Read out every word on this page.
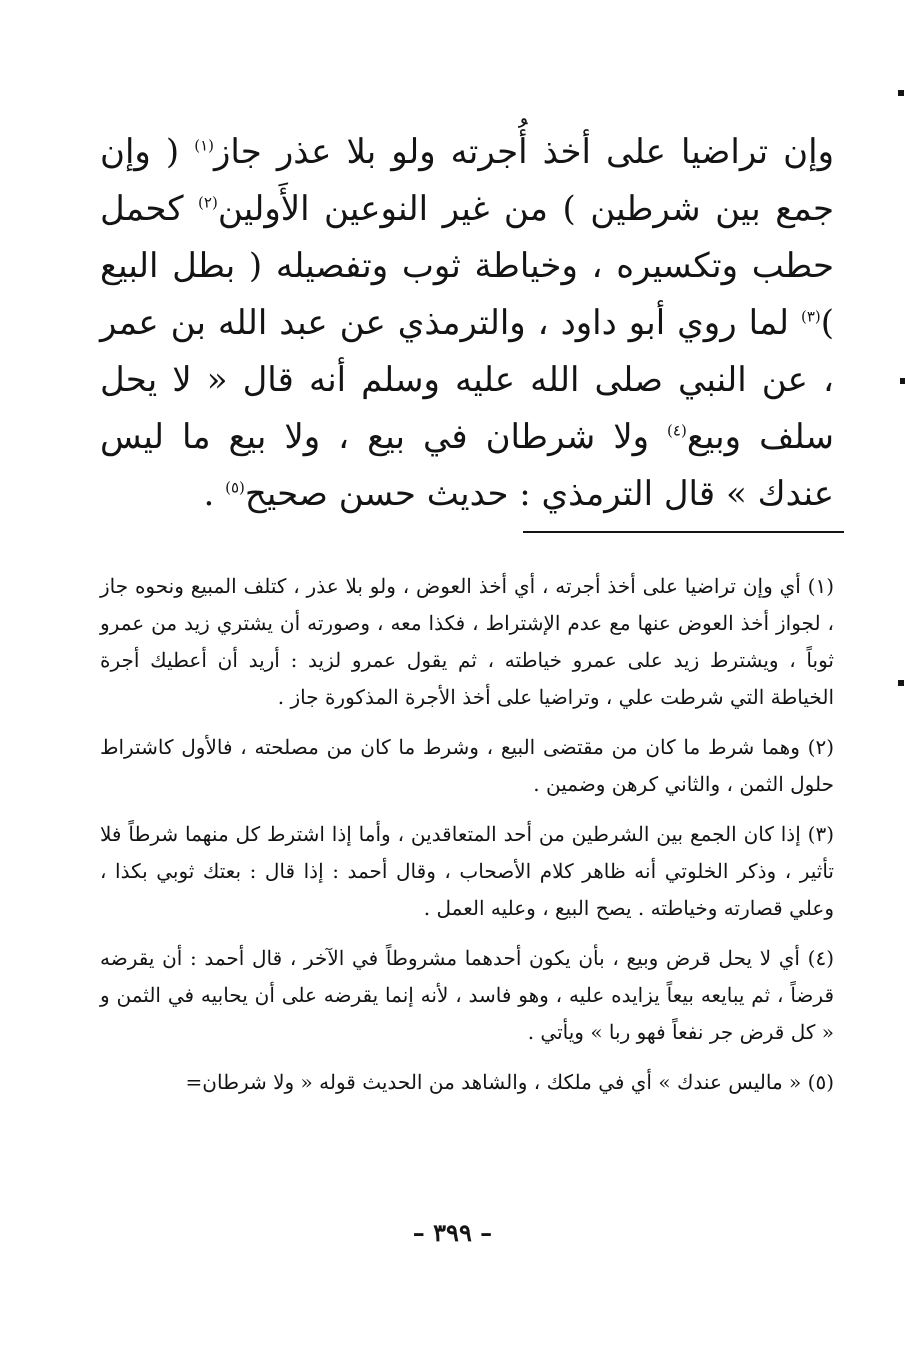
وإن تراضيا على أخذ أُجرته ولو بلا عذر جاز$^{(١)}$ ( وإن جمع بين شرطين ) من غير النوعين الأَولين$^{(٢)}$ كحمل حطب وتكسيره ، وخياطة ثوب وتفصيله ( بطل البيع )$^{(٣)}$ لما روي أبو داود ، والترمذي عن عبد الله بن عمر ، عن النبي صلى الله عليه وسلم أنه قال « لا يحل سلف وبيع$^{(٤)}$ ولا شرطان في بيع ، ولا بيع ما ليس عندك » قال الترمذي : حديث حسن صحيح$^{(٥)}$ .

(١) أي وإن تراضيا على أخذ أجرته ، أي أخذ العوض ، ولو بلا عذر ، كتلف المبيع ونحوه جاز ، لجواز أخذ العوض عنها مع عدم الإشتراط ، فكذا معه ، وصورته أن يشتري زيد من عمرو ثوباً ، ويشترط زيد على عمرو خياطته ، ثم يقول عمرو لزيد : أريد أن أعطيك أجرة الخياطة التي شرطت علي ، وتراضيا على أخذ الأجرة المذكورة جاز .

(٢) وهما شرط ما كان من مقتضى البيع ، وشرط ما كان من مصلحته ، فالأول كاشتراط حلول الثمن ، والثاني كرهن وضمين .

(٣) إذا كان الجمع بين الشرطين من أحد المتعاقدين ، وأما إذا اشترط كل منهما شرطاً فلا تأثير ، وذكر الخلوتي أنه ظاهر كلام الأصحاب ، وقال أحمد : إذا قال : بعتك ثوبي بكذا ، وعلي قصارته وخياطته . يصح البيع ، وعليه العمل .

(٤) أي لا يحل قرض وبيع ، بأن يكون أحدهما مشروطاً في الآخر ، قال أحمد : أن يقرضه قرضاً ، ثم يبايعه بيعاً يزايده عليه ، وهو فاسد ، لأنه إنما يقرضه على أن يحابيه في الثمن و « كل قرض جر نفعاً فهو ربا » ويأتي .

(٥) « ماليس عندك » أي في ملكك ، والشاهد من الحديث قوله « ولا شرطان=

– ٣٩٩ –
